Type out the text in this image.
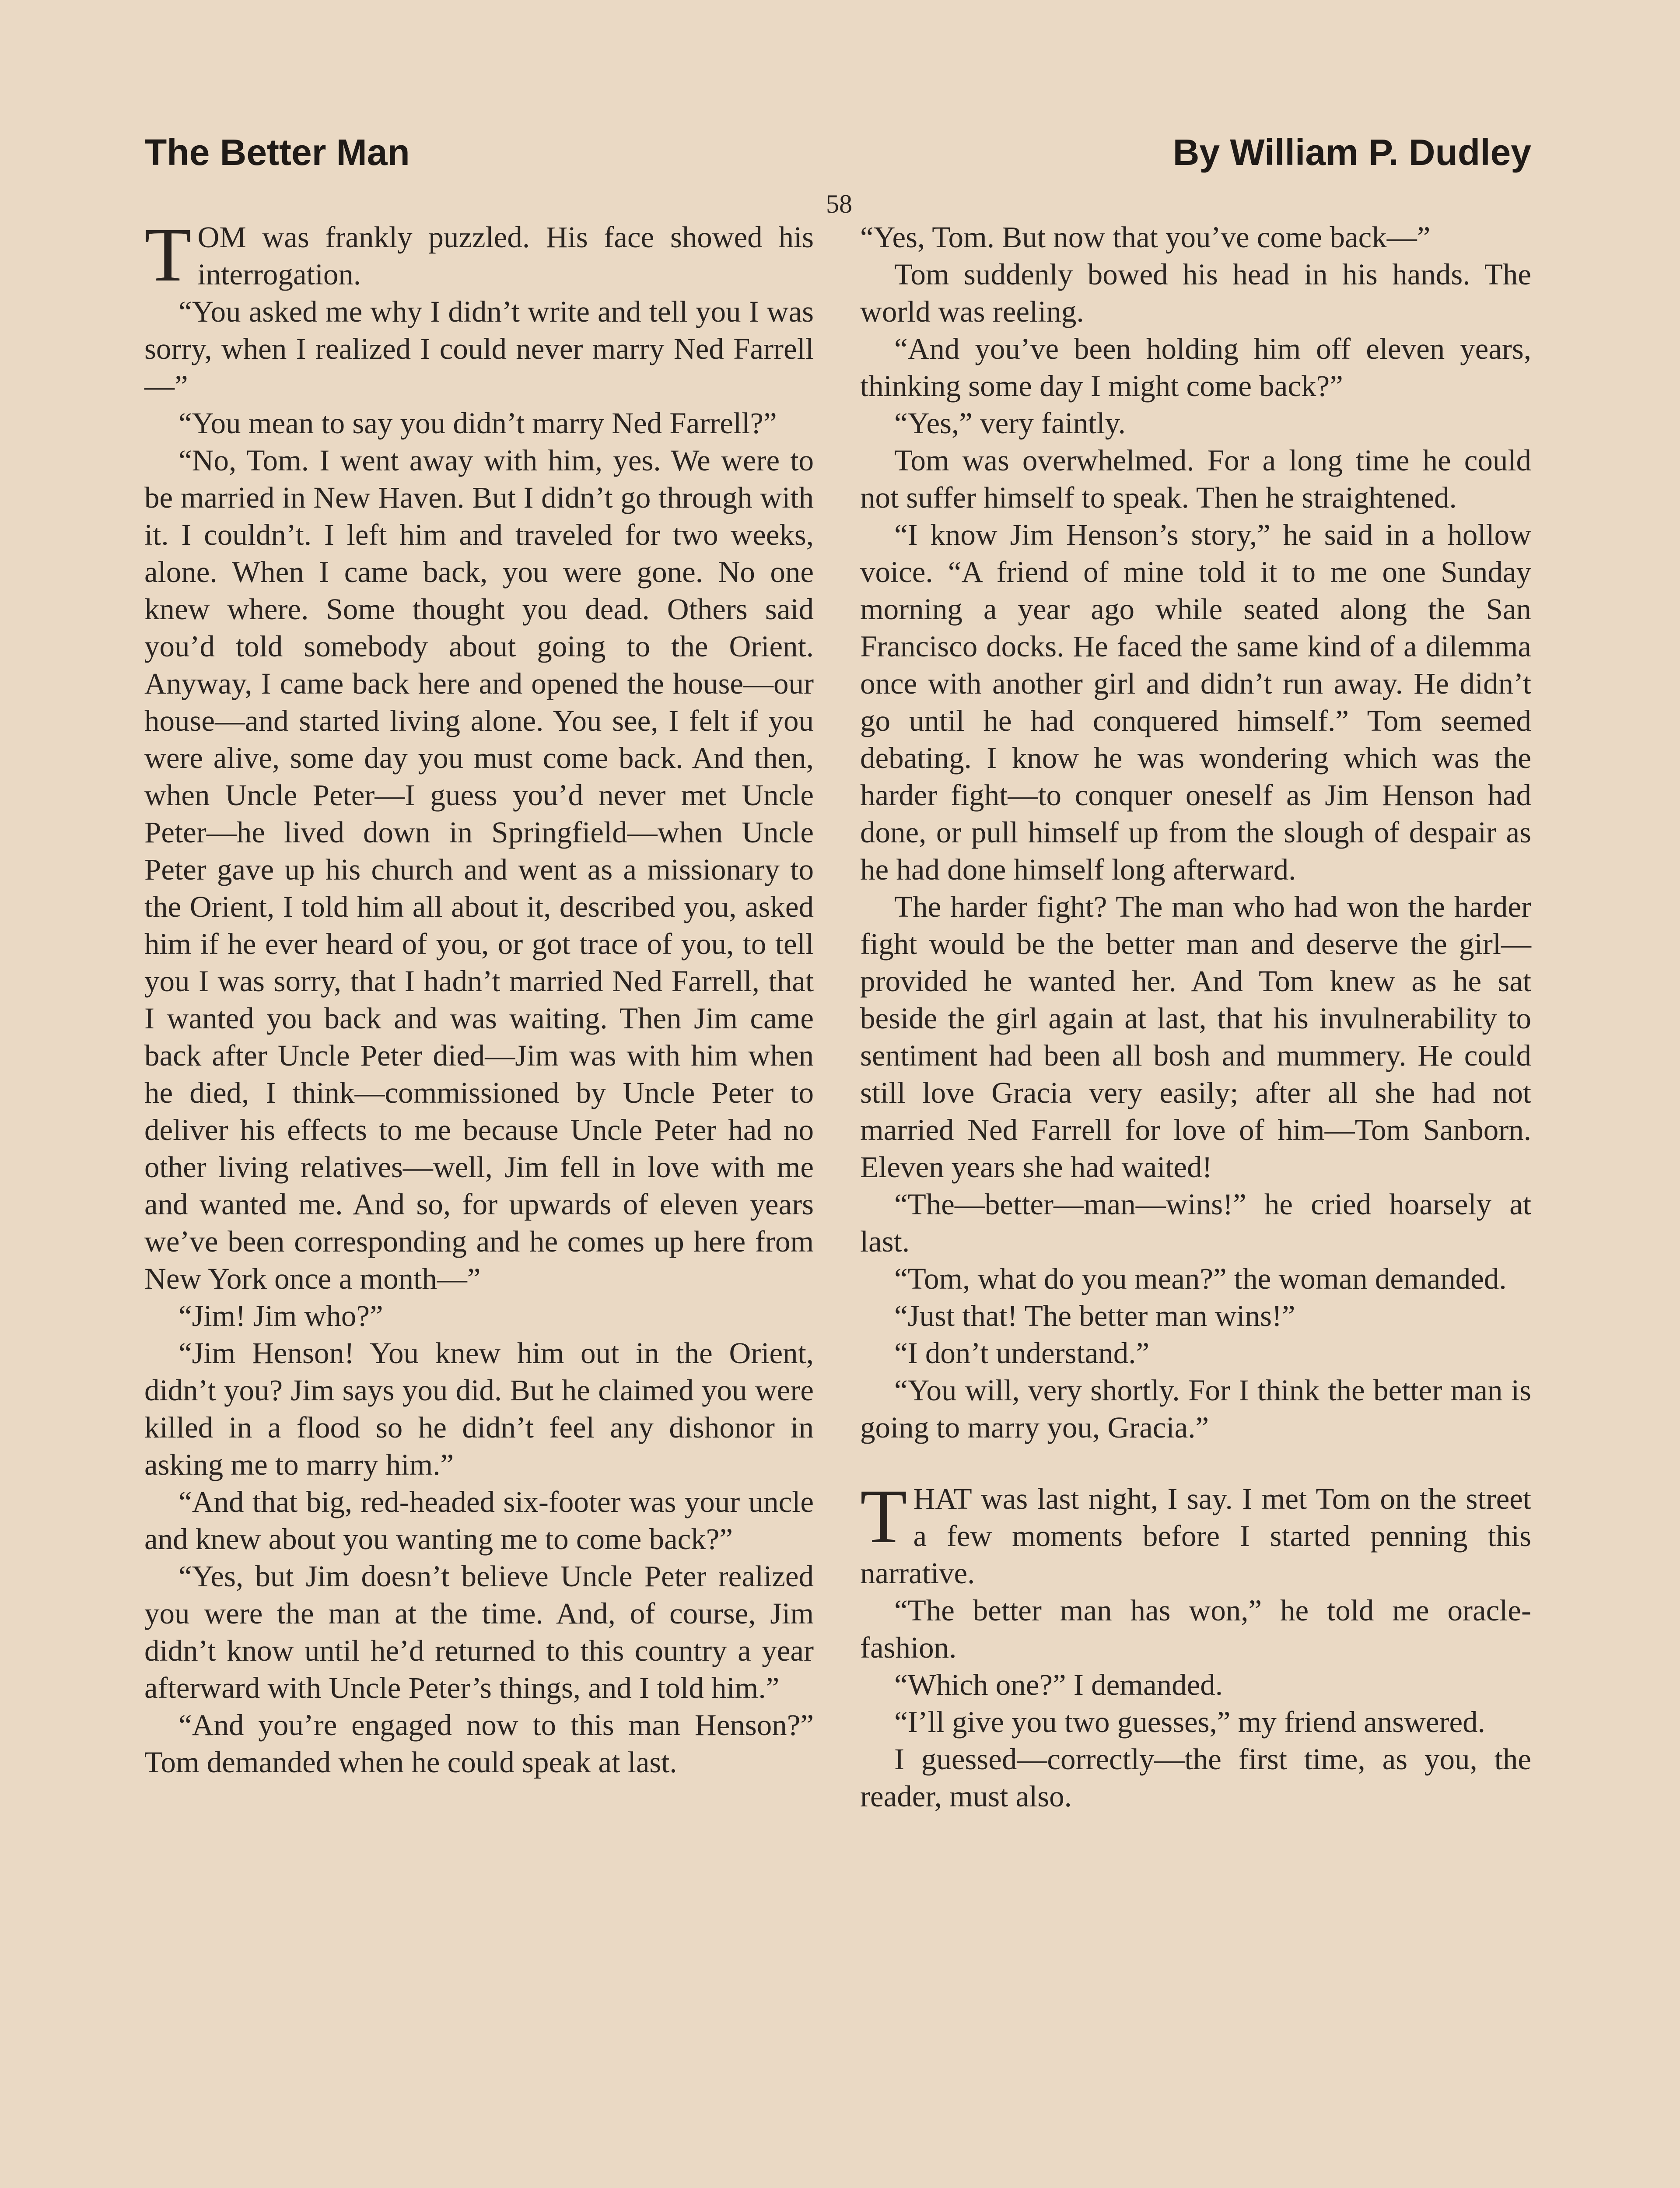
The Better Man	By William P. Dudley
58

TOM was frankly puzzled. His face showed his interrogation.

“You asked me why I didn’t write and tell you I was sorry, when I realized I could never marry Ned Farrell—”

“You mean to say you didn’t marry Ned Farrell?”

“No, Tom. I went away with him, yes. We were to be married in New Haven. But I didn’t go through with it. I couldn’t. I left him and traveled for two weeks, alone. When I came back, you were gone. No one knew where. Some thought you dead. Others said you’d told somebody about going to the Orient. Anyway, I came back here and opened the house—our house—and started living alone. You see, I felt if you were alive, some day you must come back. And then, when Uncle Peter—I guess you’d never met Uncle Peter—he lived down in Springfield—when Uncle Peter gave up his church and went as a missionary to the Orient, I told him all about it, described you, asked him if he ever heard of you, or got trace of you, to tell you I was sorry, that I hadn’t married Ned Farrell, that I wanted you back and was waiting. Then Jim came back after Uncle Peter died—Jim was with him when he died, I think—commissioned by Uncle Peter to deliver his effects to me because Uncle Peter had no other living relatives—well, Jim fell in love with me and wanted me. And so, for upwards of eleven years we’ve been corresponding and he comes up here from New York once a month—”

“Jim! Jim who?”

“Jim Henson! You knew him out in the Orient, didn’t you? Jim says you did. But he claimed you were killed in a flood so he didn’t feel any dishonor in asking me to marry him.”

“And that big, red-headed six-footer was your uncle and knew about you wanting me to come back?”

“Yes, but Jim doesn’t believe Uncle Peter realized you were the man at the time. And, of course, Jim didn’t know until he’d returned to this country a year afterward with Uncle Peter’s things, and I told him.”

“And you’re engaged now to this man Henson?” Tom demanded when he could speak at last.

“Yes, Tom. But now that you’ve come back—”

Tom suddenly bowed his head in his hands. The world was reeling.

“And you’ve been holding him off eleven years, thinking some day I might come back?”

“Yes,” very faintly.

Tom was overwhelmed. For a long time he could not suffer himself to speak. Then he straightened.

“I know Jim Henson’s story,” he said in a hollow voice. “A friend of mine told it to me one Sunday morning a year ago while seated along the San Francisco docks. He faced the same kind of a dilemma once with another girl and didn’t run away. He didn’t go until he had conquered himself.” Tom seemed debating. I know he was wondering which was the harder fight—to conquer oneself as Jim Henson had done, or pull himself up from the slough of despair as he had done himself long afterward.

The harder fight? The man who had won the harder fight would be the better man and deserve the girl—provided he wanted her. And Tom knew as he sat beside the girl again at last, that his invulnerability to sentiment had been all bosh and mummery. He could still love Gracia very easily; after all she had not married Ned Farrell for love of him—Tom Sanborn. Eleven years she had waited!

“The—better—man—wins!” he cried hoarsely at last.

“Tom, what do you mean?” the woman demanded.

“Just that! The better man wins!”

“I don’t understand.”

“You will, very shortly. For I think the better man is going to marry you, Gracia.”

THAT was last night, I say. I met Tom on the street a few moments before I started penning this narrative.

“The better man has won,” he told me oracle-fashion.

“Which one?” I demanded.

“I’ll give you two guesses,” my friend answered.

I guessed—correctly—the first time, as you, the reader, must also.
